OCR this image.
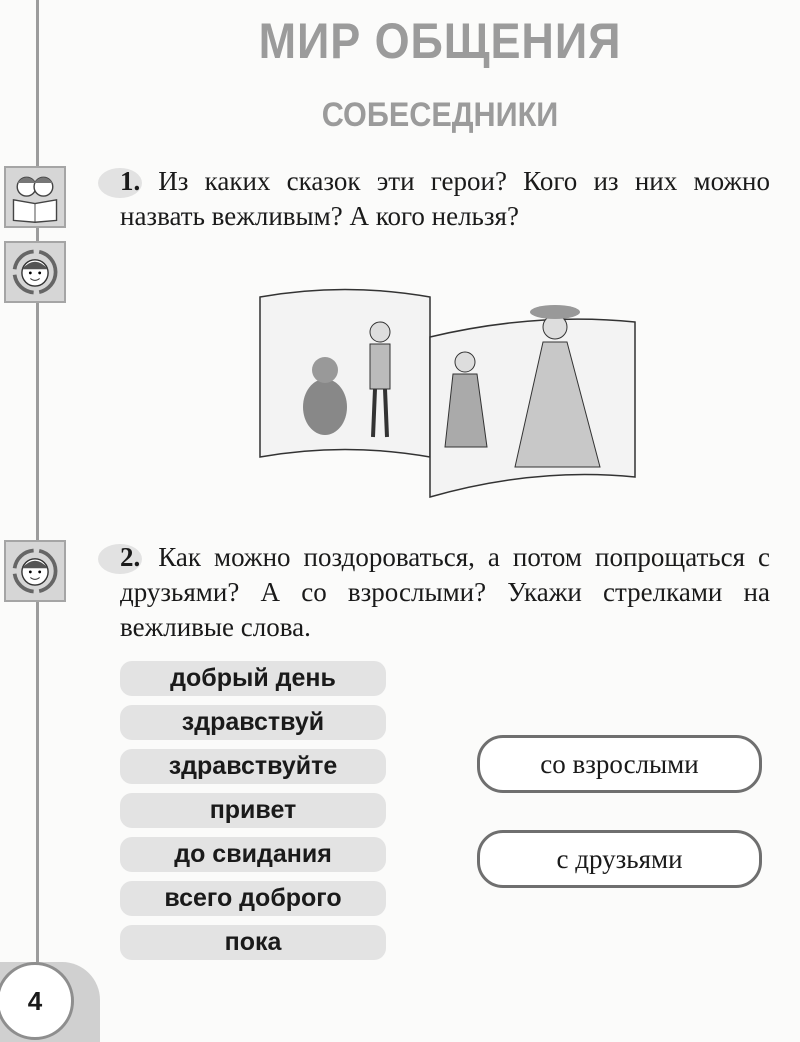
МИР ОБЩЕНИЯ
СОБЕСЕДНИКИ
1. Из каких сказок эти герои? Кого из них можно назвать вежливым? А кого нельзя?
2. Как можно поздороваться, а потом попрощаться с друзьями? А со взрослыми? Укажи стрелками на вежливые слова.
добрый день
здравствуй
здравствуйте
привет
до свидания
всего доброго
пока
со взрослыми
с друзьями
4
